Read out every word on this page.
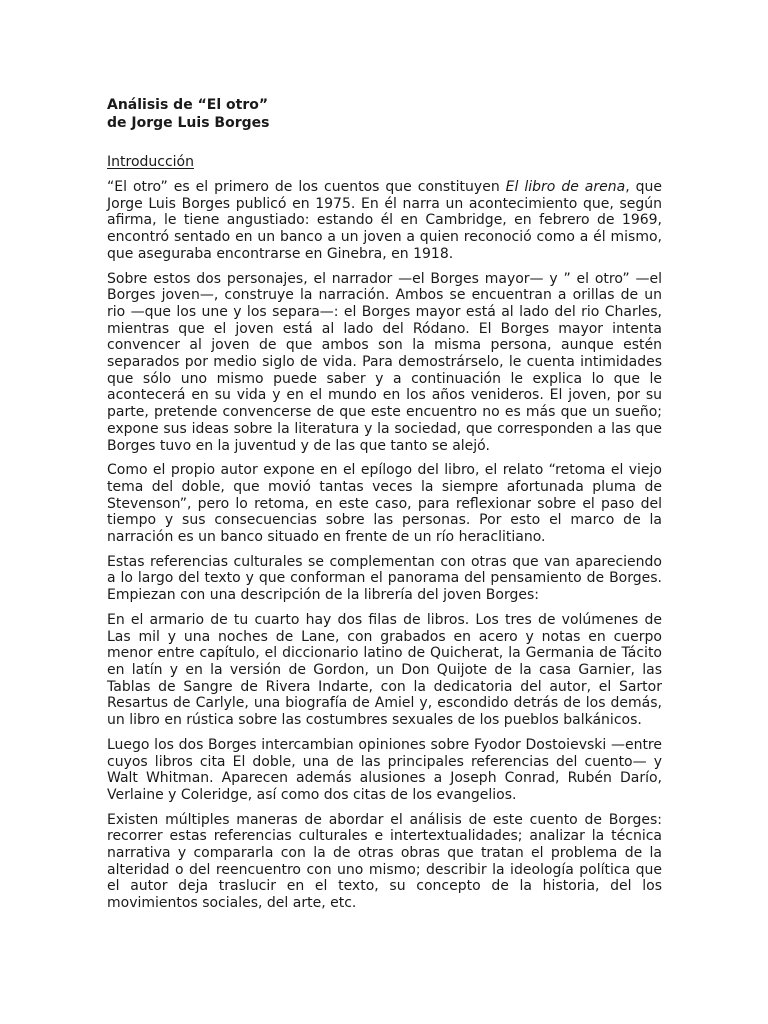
Análisis de “El otro”
de Jorge Luis Borges
Introducción

“El otro” es el primero de los cuentos que constituyen El libro de arena, que Jorge Luis Borges publicó en 1975. En él narra un acontecimiento que, según afirma, le tiene angustiado: estando él en Cambridge, en febrero de 1969, encontró sentado en un banco a un joven a quien reconoció como a él mismo, que aseguraba encontrarse en Ginebra, en 1918.

Sobre estos dos personajes, el narrador —el Borges mayor— y ” el otro” —el Borges joven—, construye la narración. Ambos se encuentran a orillas de un rio —que los une y los separa—: el Borges mayor está al lado del rio Charles, mientras que el joven está al lado del Ródano. El Borges mayor intenta convencer al joven de que ambos son la misma persona, aunque estén separados por medio siglo de vida. Para demostrárselo, le cuenta intimidades que sólo uno mismo puede saber y a continuación le explica lo que le acontecerá en su vida y en el mundo en los años venideros. El joven, por su parte, pretende convencerse de que este encuentro no es más que un sueño; expone sus ideas sobre la literatura y la sociedad, que corresponden a las que Borges tuvo en la juventud y de las que tanto se alejó.

Como el propio autor expone en el epílogo del libro, el relato “retoma el viejo tema del doble, que movió tantas veces la siempre afortunada pluma de Stevenson”, pero lo retoma, en este caso, para reflexionar sobre el paso del tiempo y sus consecuencias sobre las personas. Por esto el marco de la narración es un banco situado en frente de un río heraclitiano.

Estas referencias culturales se complementan con otras que van apareciendo a lo largo del texto y que conforman el panorama del pensamiento de Borges. Empiezan con una descripción de la librería del joven Borges:

En el armario de tu cuarto hay dos filas de libros. Los tres de volúmenes de Las mil y una noches de Lane, con grabados en acero y notas en cuerpo menor entre capítulo, el diccionario latino de Quicherat, la Germania de Tácito en latín y en la versión de Gordon, un Don Quijote de la casa Garnier, las Tablas de Sangre de Rivera Indarte, con la dedicatoria del autor, el Sartor Resartus de Carlyle, una biografía de Amiel y, escondido detrás de los demás, un libro en rústica sobre las costumbres sexuales de los pueblos balkánicos.

Luego los dos Borges intercambian opiniones sobre Fyodor Dostoievski —entre cuyos libros cita El doble, una de las principales referencias del cuento— y Walt Whitman. Aparecen además alusiones a Joseph Conrad, Rubén Darío, Verlaine y Coleridge, así como dos citas de los evangelios.

Existen múltiples maneras de abordar el análisis de este cuento de Borges: recorrer estas referencias culturales e intertextualidades; analizar la técnica narrativa y compararla con la de otras obras que tratan el problema de la alteridad o del reencuentro con uno mismo; describir la ideología política que el autor deja traslucir en el texto, su concepto de la historia, del los movimientos sociales, del arte, etc.
